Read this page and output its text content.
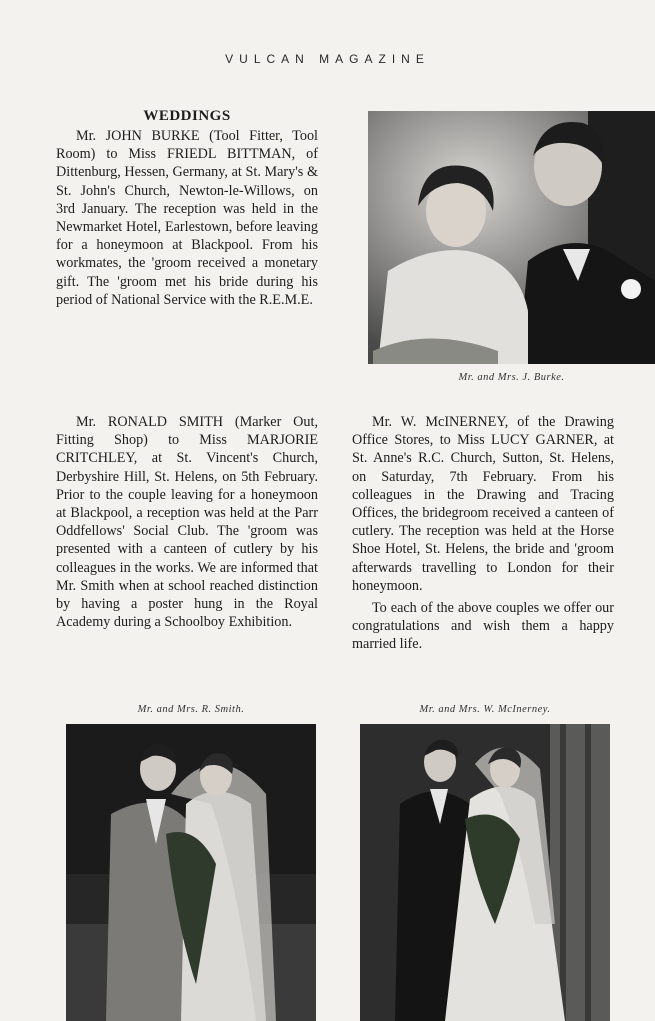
VULCAN MAGAZINE
WEDDINGS

Mr. JOHN BURKE (Tool Fitter, Tool Room) to Miss FRIEDL BITTMAN, of Dittenburg, Hessen, Germany, at St. Mary's & St. John's Church, Newton-le-Willows, on 3rd January. The reception was held in the Newmarket Hotel, Earlestown, before leaving for a honeymoon at Blackpool. From his workmates, the 'groom received a monetary gift. The 'groom met his bride during his period of National Service with the R.E.M.E.

Mr. and Mrs. J. Burke.

Mr. RONALD SMITH (Marker Out, Fitting Shop) to Miss MARJORIE CRITCHLEY, at St. Vincent's Church, Derbyshire Hill, St. Helens, on 5th February. Prior to the couple leaving for a honeymoon at Blackpool, a reception was held at the Parr Oddfellows' Social Club. The 'groom was presented with a canteen of cutlery by his colleagues in the works. We are informed that Mr. Smith when at school reached distinction by having a poster hung in the Royal Academy during a Schoolboy Exhibition.

Mr. W. McINERNEY, of the Drawing Office Stores, to Miss LUCY GARNER, at St. Anne's R.C. Church, Sutton, St. Helens, on Saturday, 7th February. From his colleagues in the Drawing and Tracing Offices, the bridegroom received a canteen of cutlery. The reception was held at the Horse Shoe Hotel, St. Helens, the bride and 'groom afterwards travelling to London for their honeymoon.

To each of the above couples we offer our congratulations and wish them a happy married life.

Mr. and Mrs. R. Smith.	Mr. and Mrs. W. McInerney.
